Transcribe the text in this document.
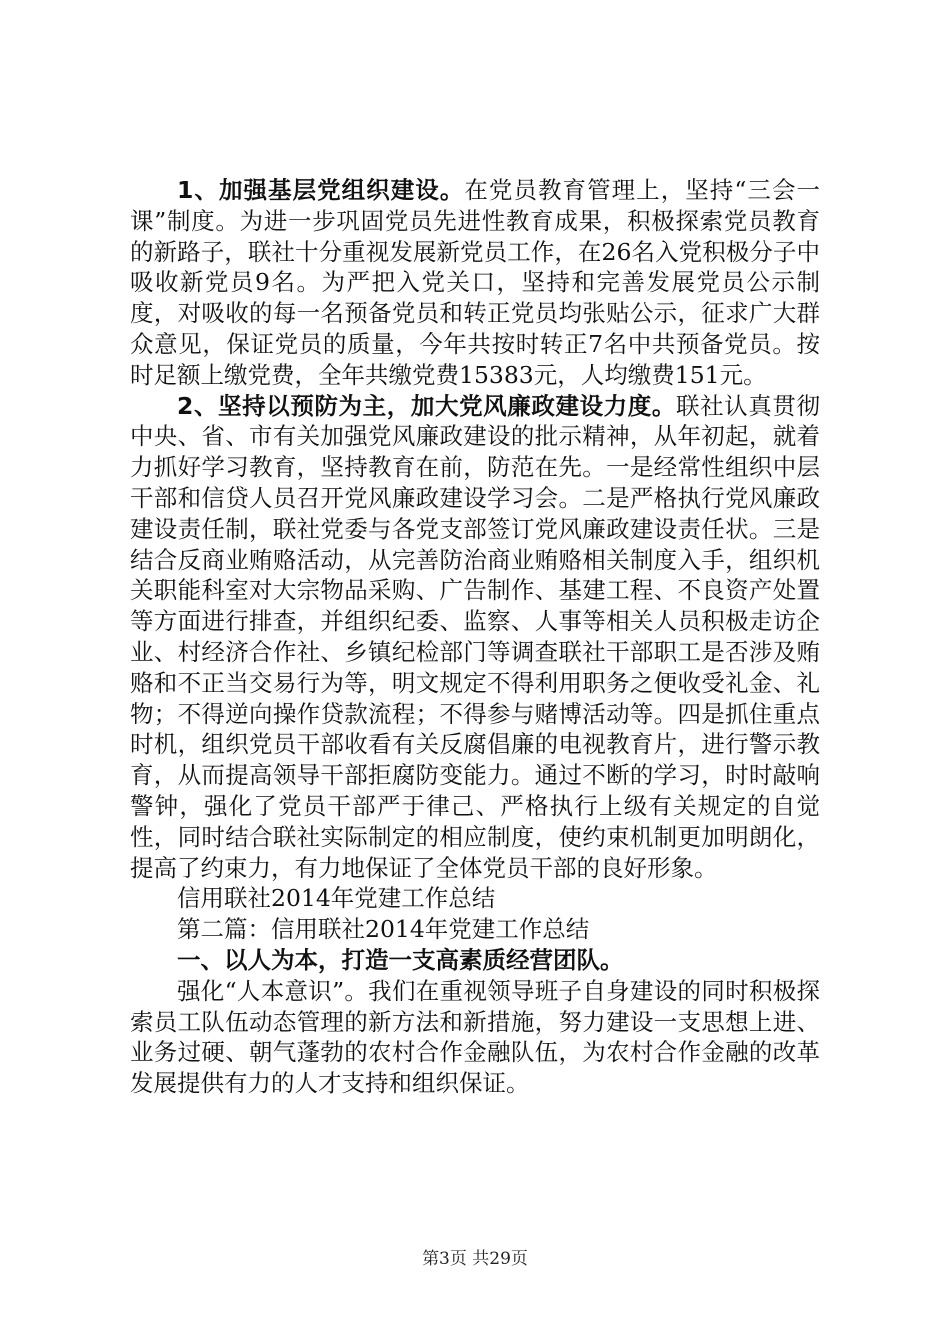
1、加强基层党组织建设。在党员教育管理上，坚持“三会一课”制度。为进一步巩固党员先进性教育成果，积极探索党员教育的新路子，联社十分重视发展新党员工作，在26名入党积极分子中吸收新党员9名。为严把入党关口，坚持和完善发展党员公示制度，对吸收的每一名预备党员和转正党员均张贴公示，征求广大群众意见，保证党员的质量，今年共按时转正7名中共预备党员。按时足额上缴党费，全年共缴党费15383元，人均缴费151元。

2、坚持以预防为主，加大党风廉政建设力度。联社认真贯彻中央、省、市有关加强党风廉政建设的批示精神，从年初起，就着力抓好学习教育，坚持教育在前，防范在先。一是经常性组织中层干部和信贷人员召开党风廉政建设学习会。二是严格执行党风廉政建设责任制，联社党委与各党支部签订党风廉政建设责任状。三是结合反商业贿赂活动，从完善防治商业贿赂相关制度入手，组织机关职能科室对大宗物品采购、广告制作、基建工程、不良资产处置等方面进行排查，并组织纪委、监察、人事等相关人员积极走访企业、村经济合作社、乡镇纪检部门等调查联社干部职工是否涉及贿赂和不正当交易行为等，明文规定不得利用职务之便收受礼金、礼物；不得逆向操作贷款流程；不得参与赌博活动等。四是抓住重点时机，组织党员干部收看有关反腐倡廉的电视教育片，进行警示教育，从而提高领导干部拒腐防变能力。通过不断的学习，时时敲响警钟，强化了党员干部严于律己、严格执行上级有关规定的自觉性，同时结合联社实际制定的相应制度，使约束机制更加明朗化，提高了约束力，有力地保证了全体党员干部的良好形象。

信用联社2014年党建工作总结

第二篇：信用联社2014年党建工作总结

一、以人为本，打造一支高素质经营团队。

强化“人本意识”。我们在重视领导班子自身建设的同时积极探索员工队伍动态管理的新方法和新措施，努力建设一支思想上进、业务过硬、朝气蓬勃的农村合作金融队伍，为农村合作金融的改革发展提供有力的人才支持和组织保证。

第3页 共29页
